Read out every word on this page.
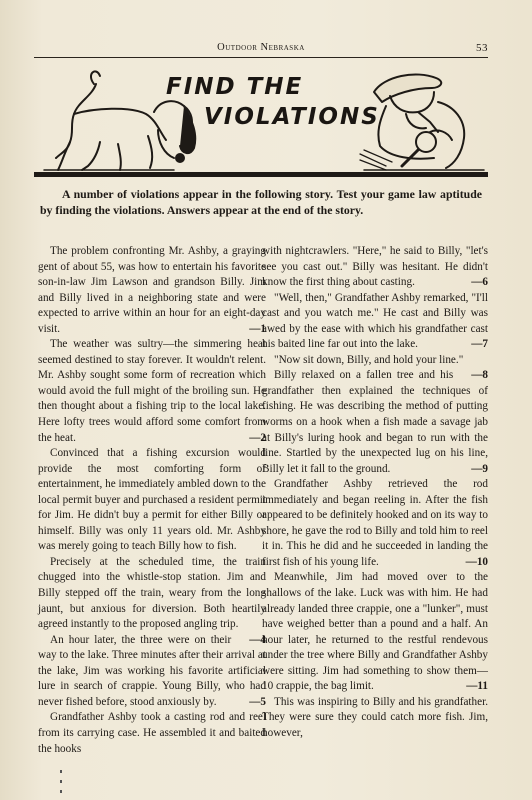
Outdoor Nebraska	53
FIND THE
VIOLATIONS

A number of violations appear in the following story. Test your game law aptitude by finding the violations. Answers appear at the end of the story.

The problem confronting Mr. Ashby, a graying gent of about 55, was how to entertain his favorite son-in-law Jim Lawson and grandson Billy. Jim and Billy lived in a neighboring state and were expected to arrive within an hour for an eight-day visit.	—1

The weather was sultry—the simmering heat seemed destined to stay forever. It wouldn't relent. Mr. Ashby sought some form of recreation which would avoid the full might of the broiling sun. He then thought about a fishing trip to the local lake. Here lofty trees would afford some comfort from the heat.	—2

Convinced that a fishing excursion would provide the most comforting form of entertainment, he immediately ambled down to the local permit buyer and purchased a resident permit for Jim. He didn't buy a permit for either Billy or himself. Billy was only 11 years old. Mr. Ashby was merely going to teach Billy how to fish.

Precisely at the scheduled time, the train chugged into the whistle-stop station. Jim and Billy stepped off the train, weary from the long jaunt, but anxious for diversion. Both heartily agreed instantly to the proposed angling trip.
—4

An hour later, the three were on their way to the lake. Three minutes after their arrival at the lake, Jim was working his favorite artificial lure in search of crappie. Young Billy, who had never fished before, stood anxiously by.	—5

Grandfather Ashby took a casting rod and reel from its carrying case. He assembled it and baited the hooks

with nightcrawlers. "Here," he said to Billy, "let's see you cast out." Billy was hesitant. He didn't know the first thing about casting.	—6

"Well, then," Grandfather Ashby remarked, "I'll cast and you watch me." He cast and Billy was awed by the ease with which his grandfather cast his baited line far out into the lake.	—7

"Now sit down, Billy, and hold your line."
—8

Billy relaxed on a fallen tree and his grandfather then explained the techniques of fishing. He was describing the method of putting worms on a hook when a fish made a savage jab at Billy's luring hook and began to run with the line. Startled by the unexpected lug on his line, Billy let it fall to the ground.	—9

Grandfather Ashby retrieved the rod immediately and began reeling in. After the fish appeared to be definitely hooked and on its way to shore, he gave the rod to Billy and told him to reel it in. This he did and he succeeded in landing the first fish of his young life.	—10

Meanwhile, Jim had moved over to the shallows of the lake. Luck was with him. He had already landed three crappie, one a "lunker", must have weighed better than a pound and a half. An hour later, he returned to the restful rendevous under the tree where Billy and Grandfather Ashby were sitting. Jim had something to show them—10 crappie, the bag limit.	—11

This was inspiring to Billy and his grandfather. They were sure they could catch more fish. Jim, however,
